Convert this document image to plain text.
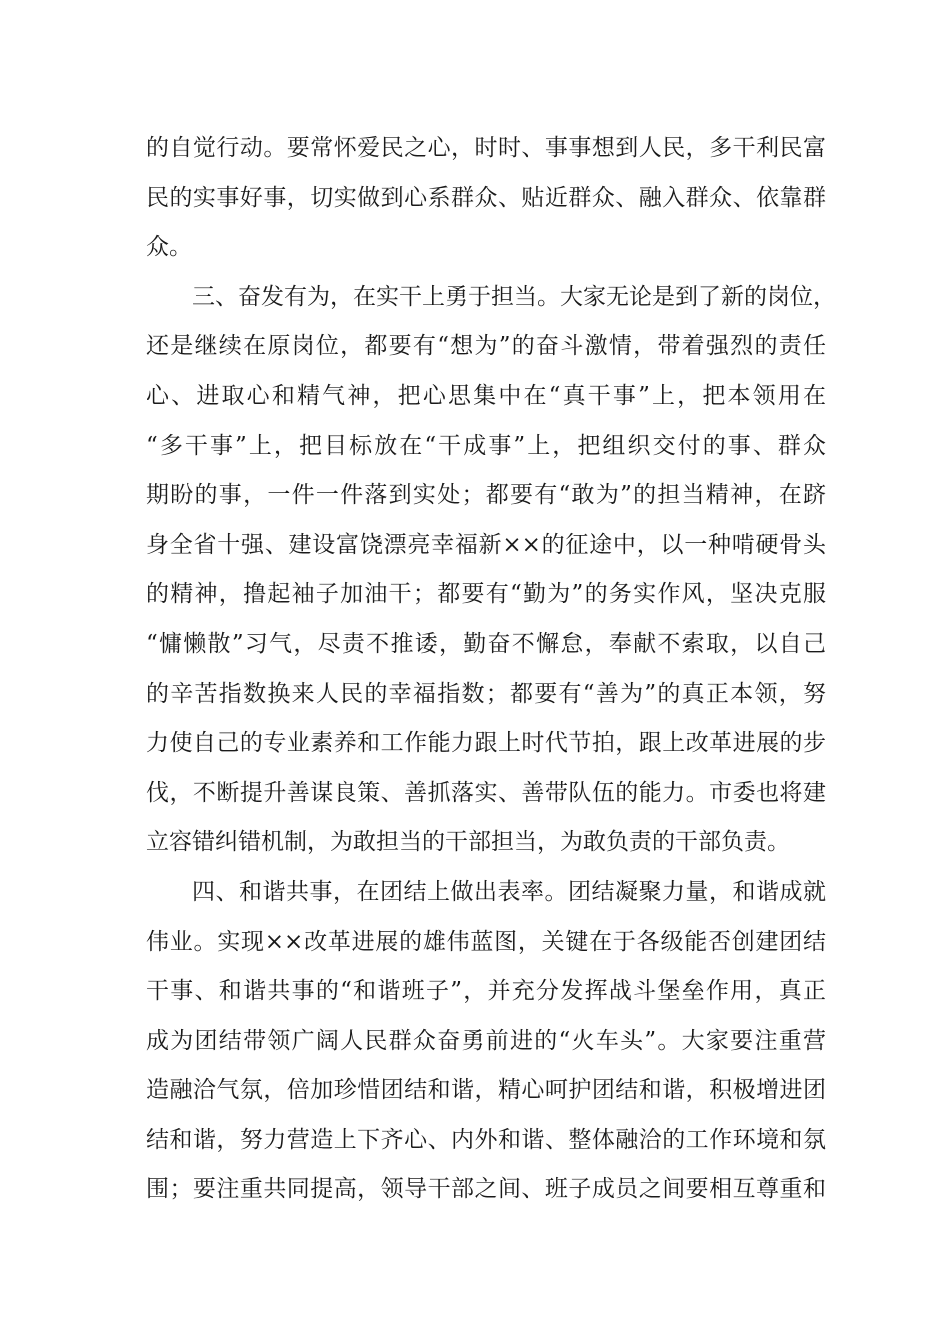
的自觉行动。要常怀爱民之心，时时、事事想到人民，多干利民富
民的实事好事，切实做到心系群众、贴近群众、融入群众、依靠群
众。
三、奋发有为，在实干上勇于担当。大家无论是到了新的岗位，
还是继续在原岗位，都要有“想为”的奋斗激情，带着强烈的责任
心、进取心和精气神，把心思集中在“真干事”上，把本领用在
“多干事”上，把目标放在“干成事”上，把组织交付的事、群众
期盼的事，一件一件落到实处；都要有“敢为”的担当精神，在跻
身全省十强、建设富饶漂亮幸福新××的征途中，以一种啃硬骨头
的精神，撸起袖子加油干；都要有“勤为”的务实作风，坚决克服
“慵懒散”习气，尽责不推诿，勤奋不懈怠，奉献不索取，以自己
的辛苦指数换来人民的幸福指数；都要有“善为”的真正本领，努
力使自己的专业素养和工作能力跟上时代节拍，跟上改革进展的步
伐，不断提升善谋良策、善抓落实、善带队伍的能力。市委也将建
立容错纠错机制，为敢担当的干部担当，为敢负责的干部负责。
四、和谐共事，在团结上做出表率。团结凝聚力量，和谐成就
伟业。实现××改革进展的雄伟蓝图，关键在于各级能否创建团结
干事、和谐共事的“和谐班子”，并充分发挥战斗堡垒作用，真正
成为团结带领广阔人民群众奋勇前进的“火车头”。大家要注重营
造融洽气氛，倍加珍惜团结和谐，精心呵护团结和谐，积极增进团
结和谐，努力营造上下齐心、内外和谐、整体融洽的工作环境和氛
围；要注重共同提高，领导干部之间、班子成员之间要相互尊重和
